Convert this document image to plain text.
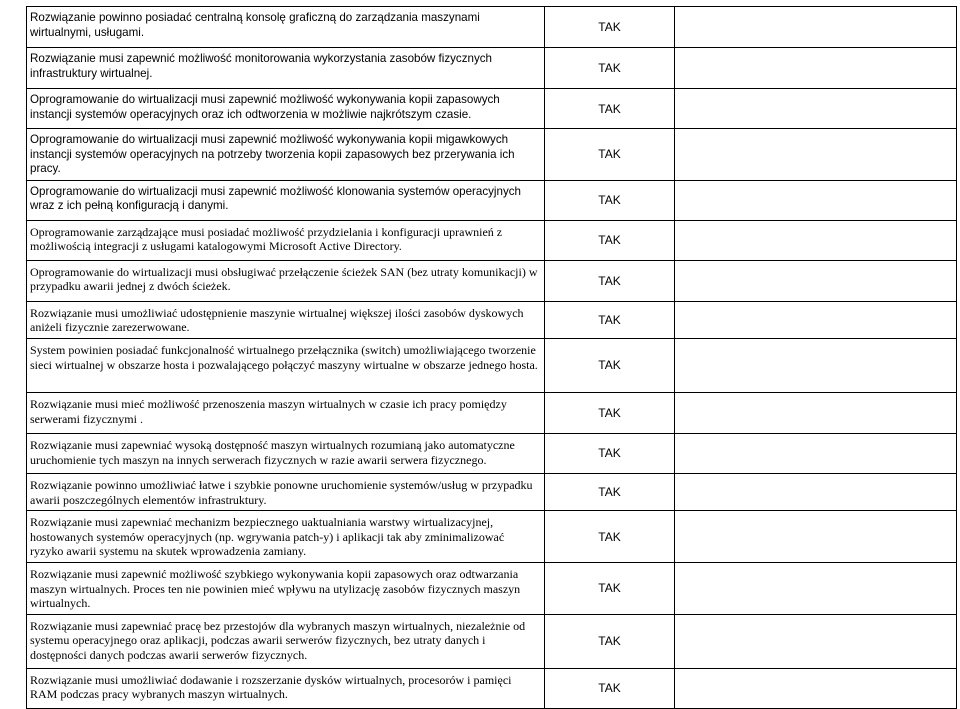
Rozwiązanie powinno posiadać centralną konsolę graficzną do zarządzania maszynami wirtualnymi, usługami.	TAK	
Rozwiązanie musi zapewnić możliwość monitorowania wykorzystania zasobów fizycznych infrastruktury wirtualnej.	TAK	
Oprogramowanie do wirtualizacji musi zapewnić możliwość wykonywania kopii zapasowych instancji systemów operacyjnych oraz ich odtworzenia w możliwie najkrótszym czasie.	TAK	
Oprogramowanie do wirtualizacji musi zapewnić możliwość wykonywania kopii migawkowych instancji systemów operacyjnych na potrzeby tworzenia kopii zapasowych bez przerywania ich pracy.	TAK	
Oprogramowanie do wirtualizacji musi zapewnić możliwość klonowania systemów operacyjnych wraz z ich pełną konfiguracją i danymi.	TAK	
Oprogramowanie zarządzające musi posiadać możliwość przydzielania i konfiguracji uprawnień z możliwością integracji z usługami katalogowymi Microsoft Active Directory.	TAK	
Oprogramowanie do wirtualizacji musi obsługiwać przełączenie ścieżek SAN (bez utraty komunikacji) w przypadku awarii jednej z dwóch ścieżek.	TAK	
Rozwiązanie musi umożliwiać udostępnienie maszynie wirtualnej większej ilości zasobów dyskowych aniżeli fizycznie zarezerwowane.	TAK	
System powinien posiadać funkcjonalność wirtualnego przełącznika (switch) umożliwiającego tworzenie sieci wirtualnej w obszarze hosta i pozwalającego połączyć maszyny wirtualne w obszarze jednego hosta.	TAK	
Rozwiązanie musi mieć możliwość przenoszenia maszyn wirtualnych w czasie ich pracy pomiędzy serwerami fizycznymi .	TAK	
Rozwiązanie musi zapewniać wysoką dostępność maszyn wirtualnych rozumianą jako automatyczne uruchomienie tych maszyn na innych serwerach fizycznych w razie awarii serwera fizycznego.	TAK	
Rozwiązanie powinno umożliwiać łatwe i szybkie ponowne uruchomienie systemów/usług w przypadku awarii poszczególnych elementów infrastruktury.	TAK	
Rozwiązanie musi zapewniać mechanizm bezpiecznego uaktualniania warstwy wirtualizacyjnej, hostowanych systemów operacyjnych (np. wgrywania patch-y) i aplikacji tak aby zminimalizować ryzyko awarii systemu na skutek wprowadzenia zamiany.	TAK	
Rozwiązanie musi zapewnić możliwość szybkiego wykonywania kopii zapasowych oraz odtwarzania maszyn wirtualnych. Proces ten nie powinien mieć wpływu na utylizację zasobów fizycznych maszyn wirtualnych.	TAK	
Rozwiązanie musi zapewniać pracę bez przestojów dla wybranych maszyn wirtualnych, niezależnie od systemu operacyjnego oraz aplikacji, podczas awarii serwerów fizycznych, bez utraty danych i dostępności danych podczas awarii serwerów fizycznych.	TAK	
Rozwiązanie musi umożliwiać dodawanie i rozszerzanie dysków wirtualnych, procesorów i pamięci RAM podczas pracy wybranych maszyn wirtualnych.	TAK	
